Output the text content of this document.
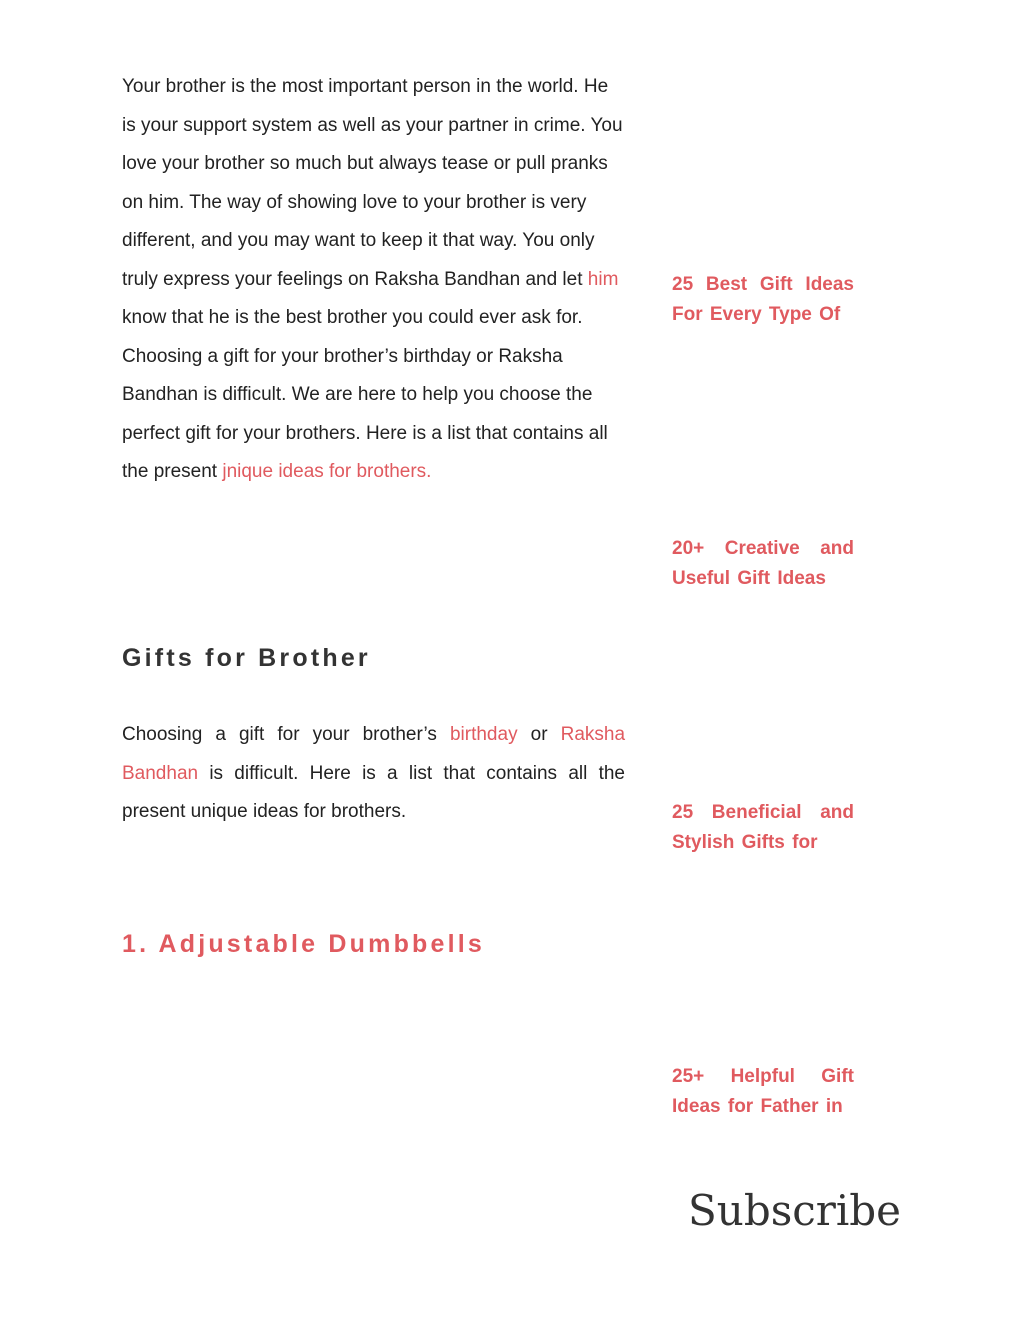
Your brother is the most important person in the world. He is your support system as well as your partner in crime. You love your brother so much but always tease or pull pranks on him. The way of showing love to your brother is very different, and you may want to keep it that way. You only truly express your feelings on Raksha Bandhan and let him know that he is the best brother you could ever ask for. Choosing a gift for your brother’s birthday or Raksha Bandhan is difficult. We are here to help you choose the perfect gift for your brothers. Here is a list that contains all the present jnique ideas for brothers.

Gifts for Brother

Choosing a gift for your brother’s birthday or Raksha Bandhan is difficult. Here is a list that contains all the present unique ideas for brothers.

1. Adjustable Dumbbells
25 Best Gift Ideas For Every Type Of
20+ Creative and Useful Gift Ideas
25 Beneficial and Stylish Gifts for
25+ Helpful Gift Ideas for Father in
Subscribe
